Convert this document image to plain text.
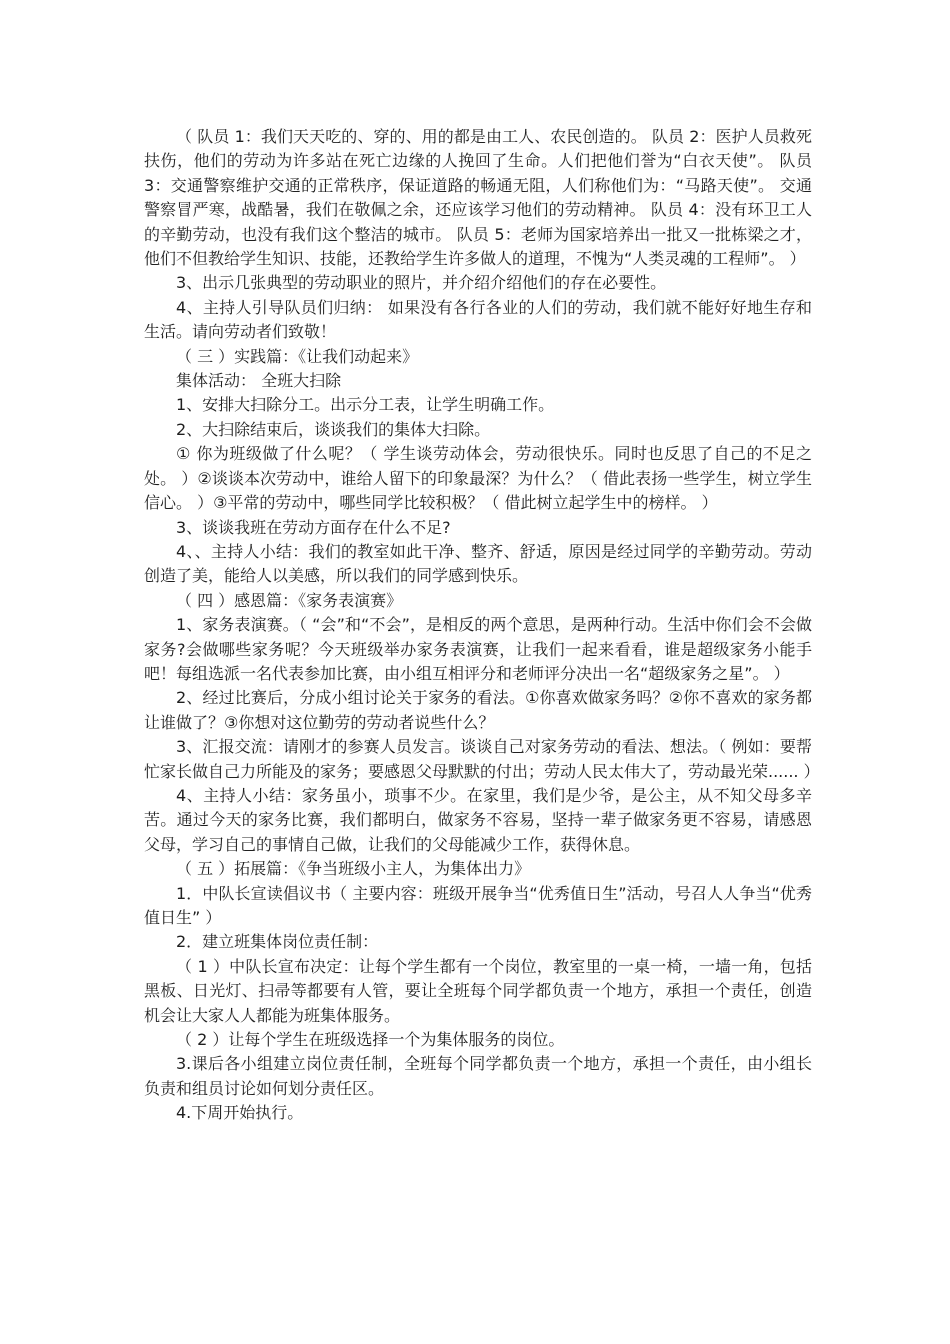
（ 队员 1：我们天天吃的、穿的、用的都是由工人、农民创造的。 队员 2：医护人员救死扶伤，他们的劳动为许多站在死亡边缘的人挽回了生命。人们把他们誉为“白衣天使”。 队员 3：交通警察维护交通的正常秩序，保证道路的畅通无阻，人们称他们为：“马路天使”。 交通警察冒严寒，战酷暑，我们在敬佩之余，还应该学习他们的劳动精神。 队员 4：没有环卫工人的辛勤劳动，也没有我们这个整洁的城市。 队员 5：老师为国家培养出一批又一批栋梁之才，他们不但教给学生知识、技能，还教给学生许多做人的道理，不愧为“人类灵魂的工程师”。 ）

3、出示几张典型的劳动职业的照片，并介绍介绍他们的存在必要性。

4、主持人引导队员们归纳： 如果没有各行各业的人们的劳动，我们就不能好好地生存和生活。请向劳动者们致敬！

（ 三 ）实践篇：《让我们动起来》

集体活动： 全班大扫除

1、安排大扫除分工。出示分工表，让学生明确工作。

2、大扫除结束后，谈谈我们的集体大扫除。

① 你为班级做了什么呢？（ 学生谈劳动体会，劳动很快乐。同时也反思了自己的不足之处。 ）②谈谈本次劳动中，谁给人留下的印象最深？为什么？（ 借此表扬一些学生，树立学生信心。 ）③平常的劳动中，哪些同学比较积极？（ 借此树立起学生中的榜样。 ）

3、谈谈我班在劳动方面存在什么不足?

4、、主持人小结：我们的教室如此干净、整齐、舒适，原因是经过同学的辛勤劳动。劳动创造了美，能给人以美感，所以我们的同学感到快乐。

（ 四 ）感恩篇：《家务表演赛》

1、家务表演赛。（ “会”和“不会”，是相反的两个意思，是两种行动。生活中你们会不会做家务?会做哪些家务呢？今天班级举办家务表演赛，让我们一起来看看，谁是超级家务小能手吧！每组选派一名代表参加比赛，由小组互相评分和老师评分决出一名“超级家务之星”。 ）

2、经过比赛后，分成小组讨论关于家务的看法。①你喜欢做家务吗？②你不喜欢的家务都让谁做了？③你想对这位勤劳的劳动者说些什么？

3、汇报交流：请刚才的参赛人员发言。谈谈自己对家务劳动的看法、想法。（ 例如：要帮忙家长做自己力所能及的家务；要感恩父母默默的付出；劳动人民太伟大了，劳动最光荣...... ）

4、主持人小结：家务虽小，琐事不少。在家里，我们是少爷，是公主，从不知父母多辛苦。通过今天的家务比赛，我们都明白，做家务不容易，坚持一辈子做家务更不容易，请感恩父母，学习自己的事情自己做，让我们的父母能减少工作，获得休息。

（ 五 ）拓展篇：《争当班级小主人，为集体出力》

1．中队长宣读倡议书（ 主要内容：班级开展争当“优秀值日生”活动，号召人人争当“优秀值日生” ）

2．建立班集体岗位责任制：

（ 1 ）中队长宣布决定：让每个学生都有一个岗位，教室里的一桌一椅，一墙一角，包括黑板、日光灯、扫帚等都要有人管，要让全班每个同学都负责一个地方，承担一个责任，创造机会让大家人人都能为班集体服务。

（ 2 ）让每个学生在班级选择一个为集体服务的岗位。

3.课后各小组建立岗位责任制，全班每个同学都负责一个地方，承担一个责任，由小组长负责和组员讨论如何划分责任区。

4.下周开始执行。
